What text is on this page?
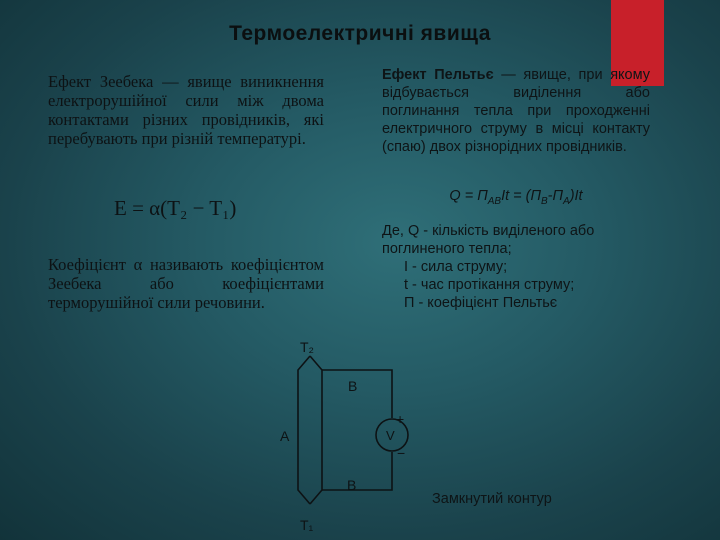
Термоелектричні явища
Ефект Зеебека — явище виникнення електрорушійної сили між двома контактами різних провідників, які перебувають при різній температурі.
E = α(T₂ − T₁)
Коефіцієнт α називають коефіцієнтом Зеебека або коефіцієнтами терморушійної сили речовини.
Ефект Пельтьє — явище, при якому відбувається виділення або поглинання тепла при проходженні електричного струму в місці контакту (спаю) двох різнорідних провідників.
$Q = П_{AB}It = (П_B-П_A)It$
Де, Q - кількість виділеного або поглиненого тепла;
I - сила струму;
t - час протікання струму;
П - коефіцієнт Пельтьє
T₂
T₁
A
B
B
+
−
V
Замкнутий контур
